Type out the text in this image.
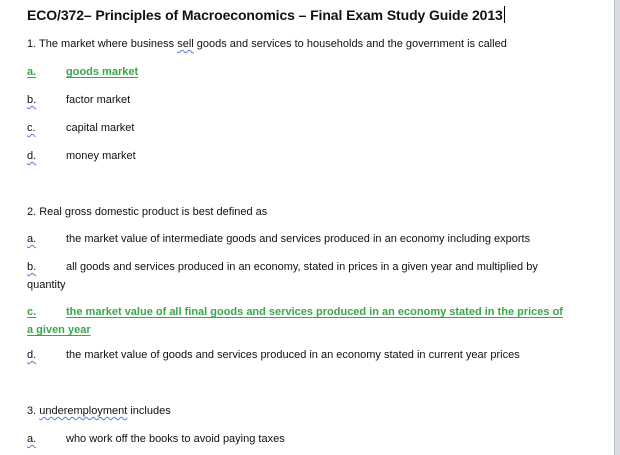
ECO/372– Principles of Macroeconomics – Final Exam Study Guide 2013
1. The market where business sell goods and services to households and the government is called
a.	goods market
b.	factor market
c.	capital market
d.	money market
2. Real gross domestic product is best defined as
a.	the market value of intermediate goods and services produced in an economy including exports
b.	all goods and services produced in an economy, stated in prices in a given year and multiplied by quantity
c.	the market value of all final goods and services produced in an economy stated in the prices of a given year
d.	the market value of goods and services produced in an economy stated in current year prices
3. underemployment includes
a.	who work off the books to avoid paying taxes
